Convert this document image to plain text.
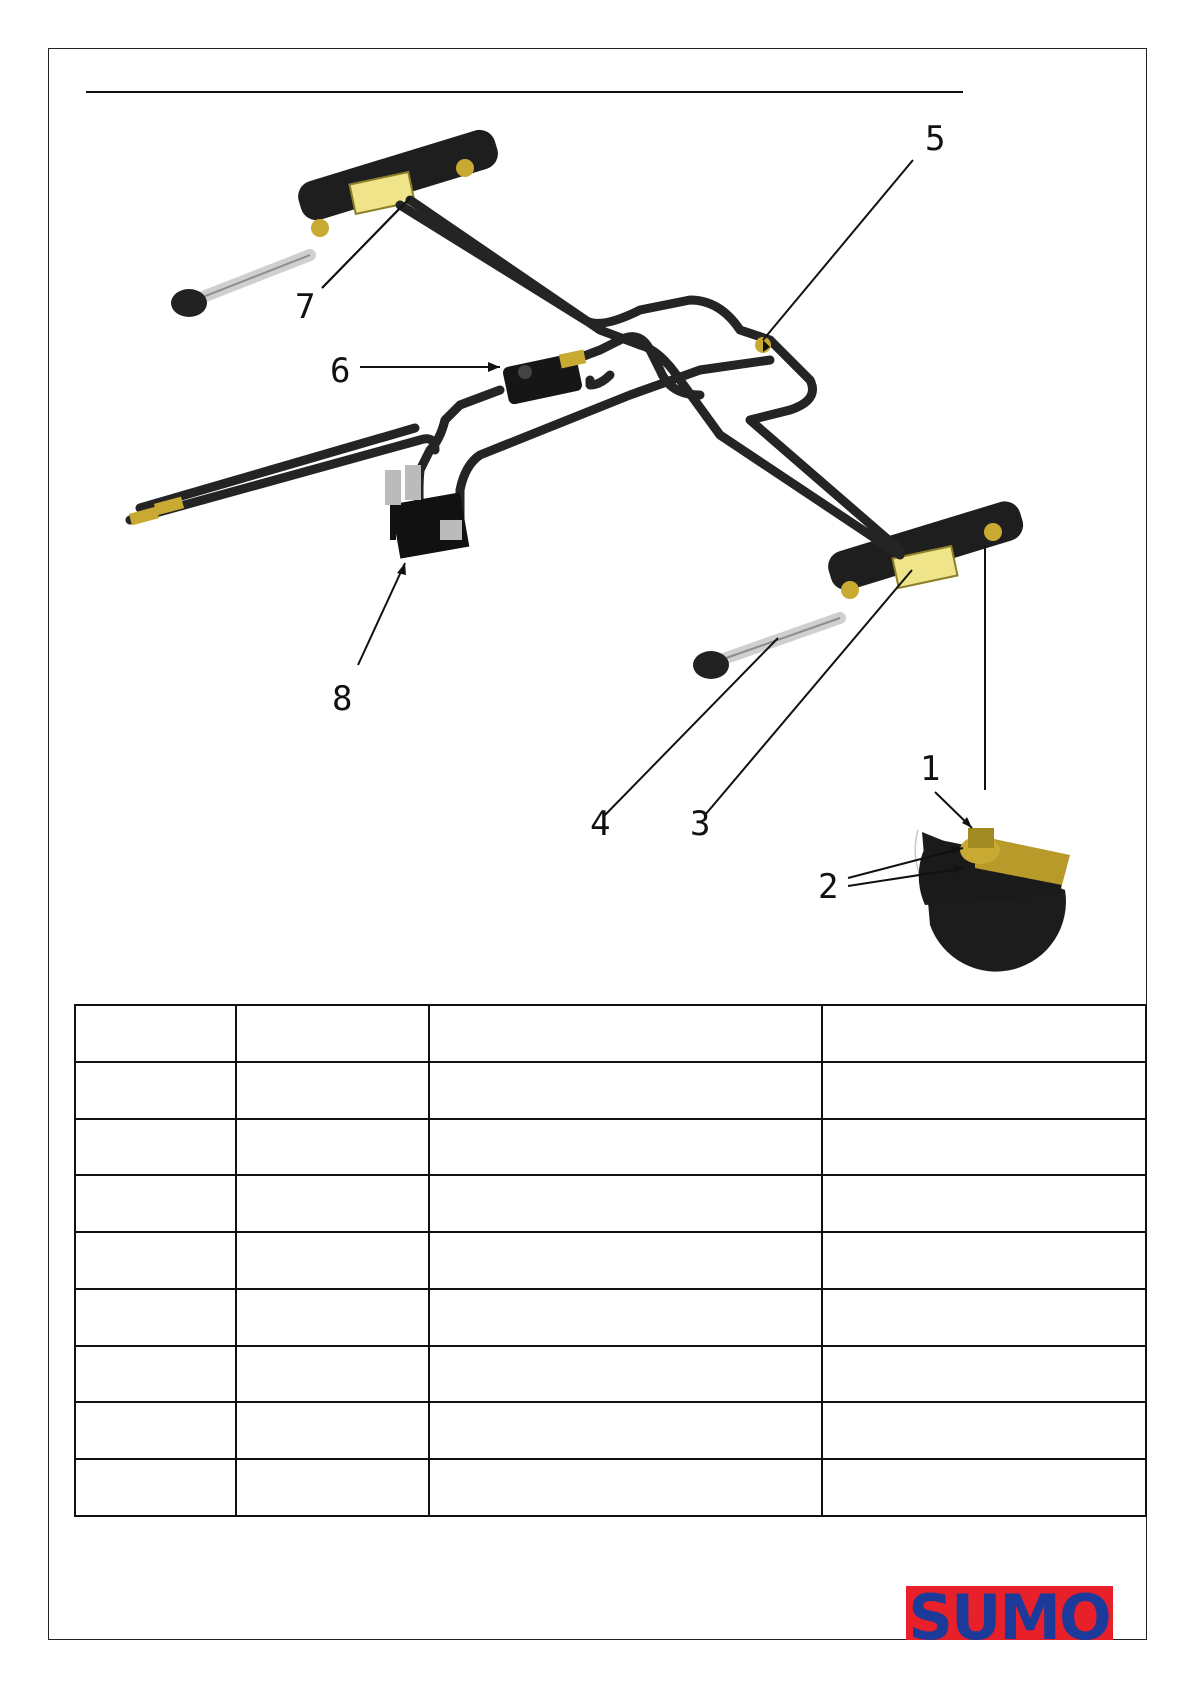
1
2
3
4
5
6
7
8

SUMO
